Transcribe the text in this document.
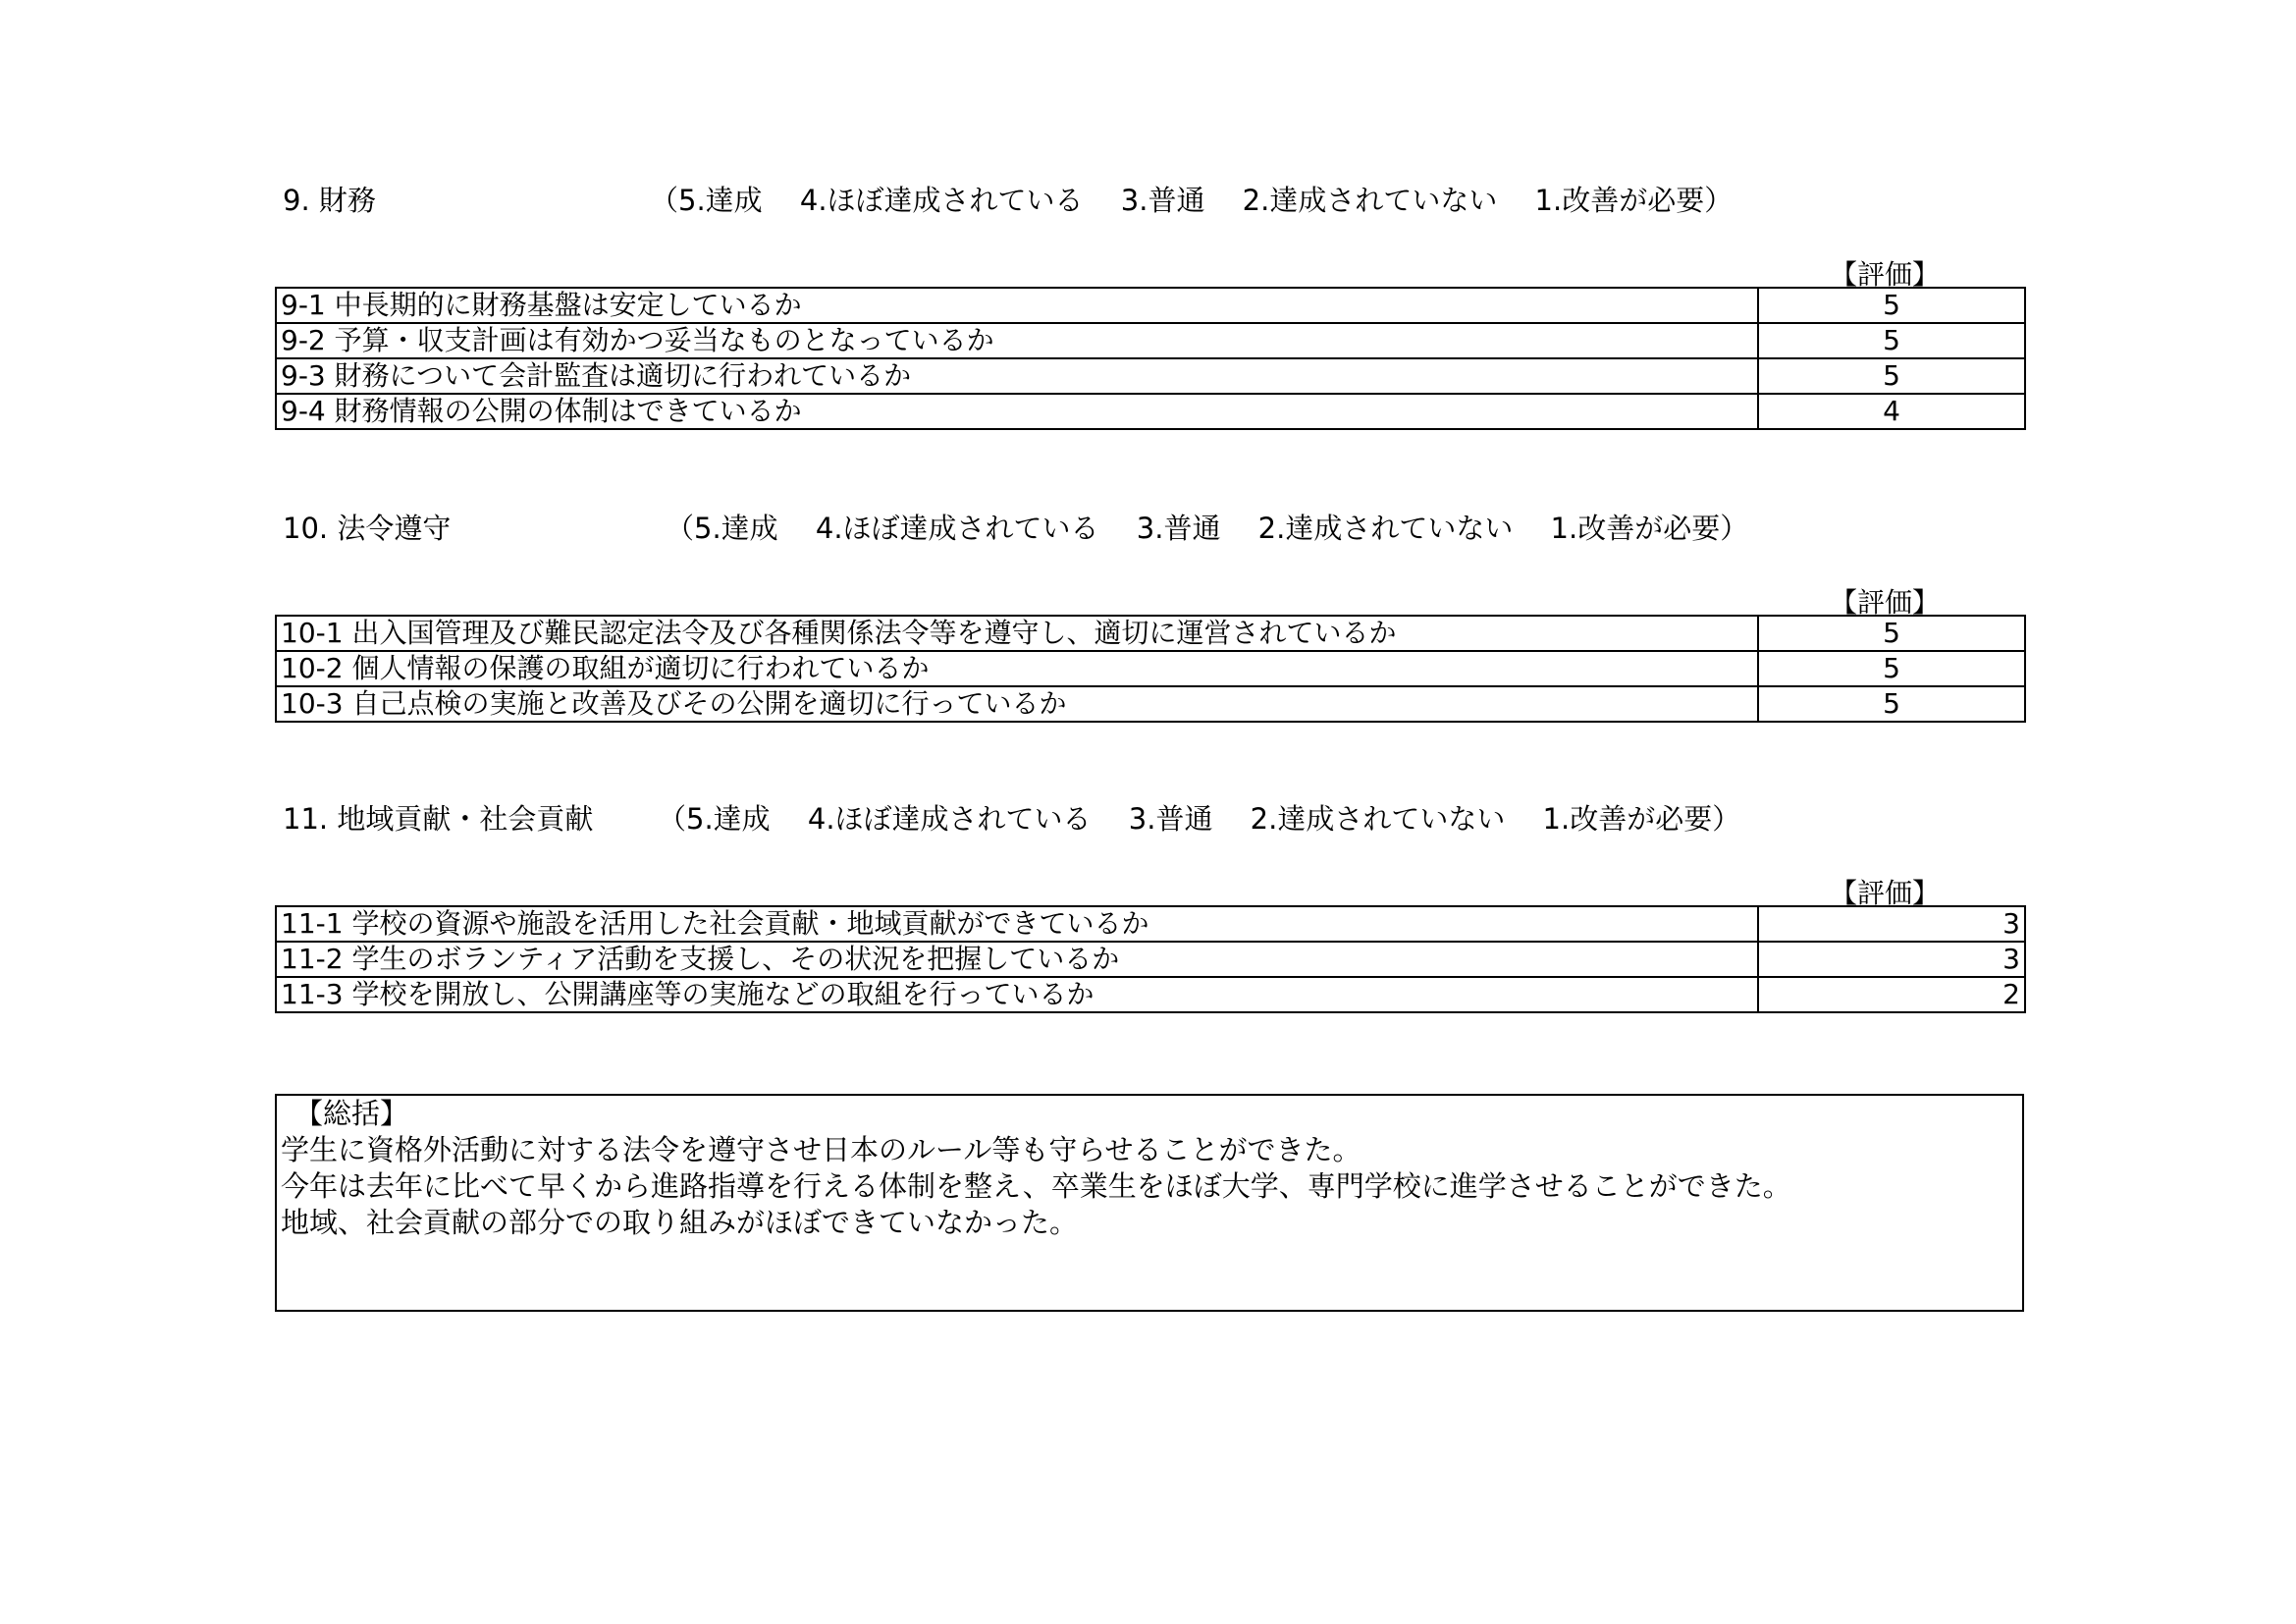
9. 財務	（5.達成　 4.ほぼ達成されている　 3.普通　 2.達成されていない　 1.改善が必要）
【評価】
9-1 中長期的に財務基盤は安定しているか	5
9-2 予算・収支計画は有効かつ妥当なものとなっているか	5
9-3 財務について会計監査は適切に行われているか	5
9-4 財務情報の公開の体制はできているか	4
10. 法令遵守	（5.達成　 4.ほぼ達成されている　 3.普通　 2.達成されていない　 1.改善が必要）
【評価】
10-1 出入国管理及び難民認定法令及び各種関係法令等を遵守し、適切に運営されているか	5
10-2 個人情報の保護の取組が適切に行われているか	5
10-3 自己点検の実施と改善及びその公開を適切に行っているか	5
11. 地域貢献・社会貢献 （5.達成　 4.ほぼ達成されている　 3.普通　 2.達成されていない　 1.改善が必要）
【評価】
11-1 学校の資源や施設を活用した社会貢献・地域貢献ができているか	3
11-2 学生のボランティア活動を支援し、その状況を把握しているか	3
11-3 学校を開放し、公開講座等の実施などの取組を行っているか	2
【総括】
学生に資格外活動に対する法令を遵守させ日本のルール等も守らせることができた。
今年は去年に比べて早くから進路指導を行える体制を整え、卒業生をほぼ大学、専門学校に進学させることができた。
地域、社会貢献の部分での取り組みがほぼできていなかった。
